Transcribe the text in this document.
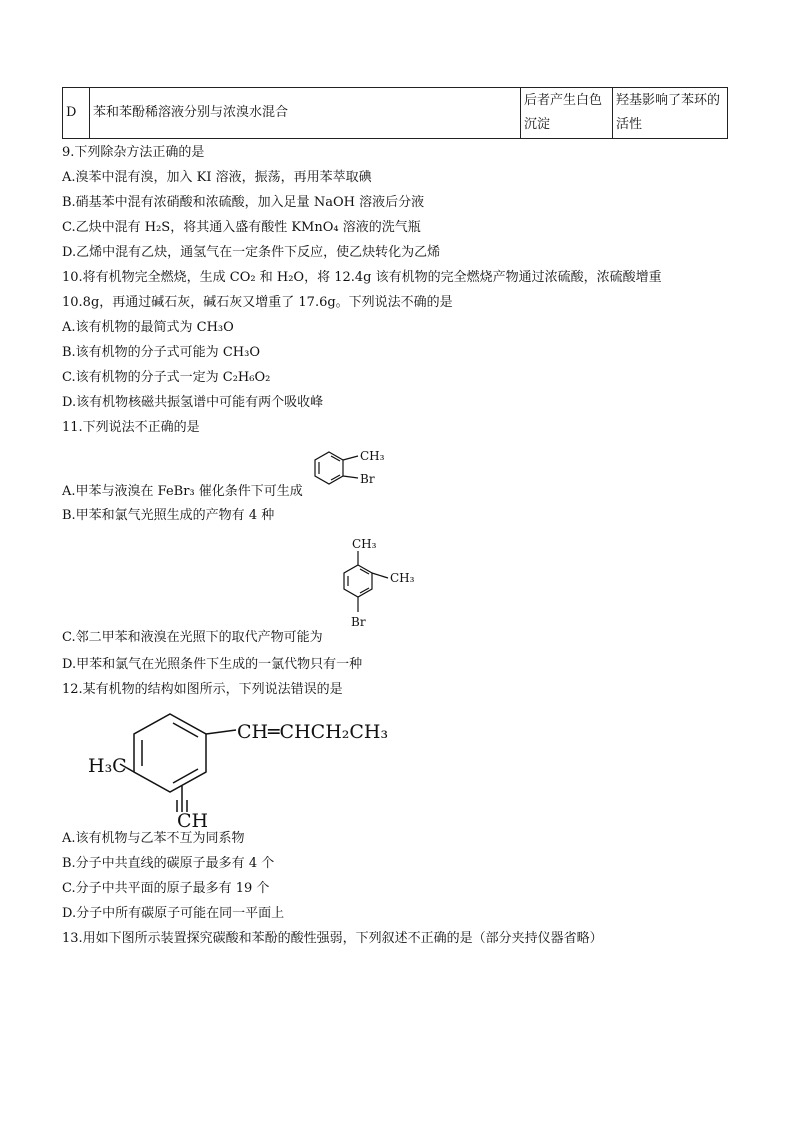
D	苯和苯酚稀溶液分别与浓溴水混合	后者产生白色沉淀	羟基影响了苯环的活性
9.下列除杂方法正确的是
A.溴苯中混有溴，加入 KI 溶液，振荡，再用苯萃取碘
B.硝基苯中混有浓硝酸和浓硫酸，加入足量 NaOH 溶液后分液
C.乙炔中混有 H₂S，将其通入盛有酸性 KMnO₄ 溶液的洗气瓶
D.乙烯中混有乙炔，通氢气在一定条件下反应，使乙炔转化为乙烯
10.将有机物完全燃烧，生成 CO₂ 和 H₂O，将 12.4g 该有机物的完全燃烧产物通过浓硫酸，浓硫酸增重
10.8g，再通过碱石灰，碱石灰又增重了 17.6g。下列说法不确的是
A.该有机物的最简式为 CH₃O
B.该有机物的分子式可能为 CH₃O
C.该有机物的分子式一定为 C₂H₆O₂
D.该有机物核磁共振氢谱中可能有两个吸收峰
11.下列说法不正确的是
CH₃
Br
A.甲苯与液溴在 FeBr₃ 催化条件下可生成
B.甲苯和氯气光照生成的产物有 4 种
CH₃
CH₃
Br
C.邻二甲苯和液溴在光照下的取代产物可能为
D.甲苯和氯气在光照条件下生成的一氯代物只有一种
12.某有机物的结构如图所示，下列说法错误的是
CH═CHCH₂CH₃
H₃C
CH
A.该有机物与乙苯不互为同系物
B.分子中共直线的碳原子最多有 4 个
C.分子中共平面的原子最多有 19 个
D.分子中所有碳原子可能在同一平面上
13.用如下图所示装置探究碳酸和苯酚的酸性强弱，下列叙述不正确的是（部分夹持仪器省略）
